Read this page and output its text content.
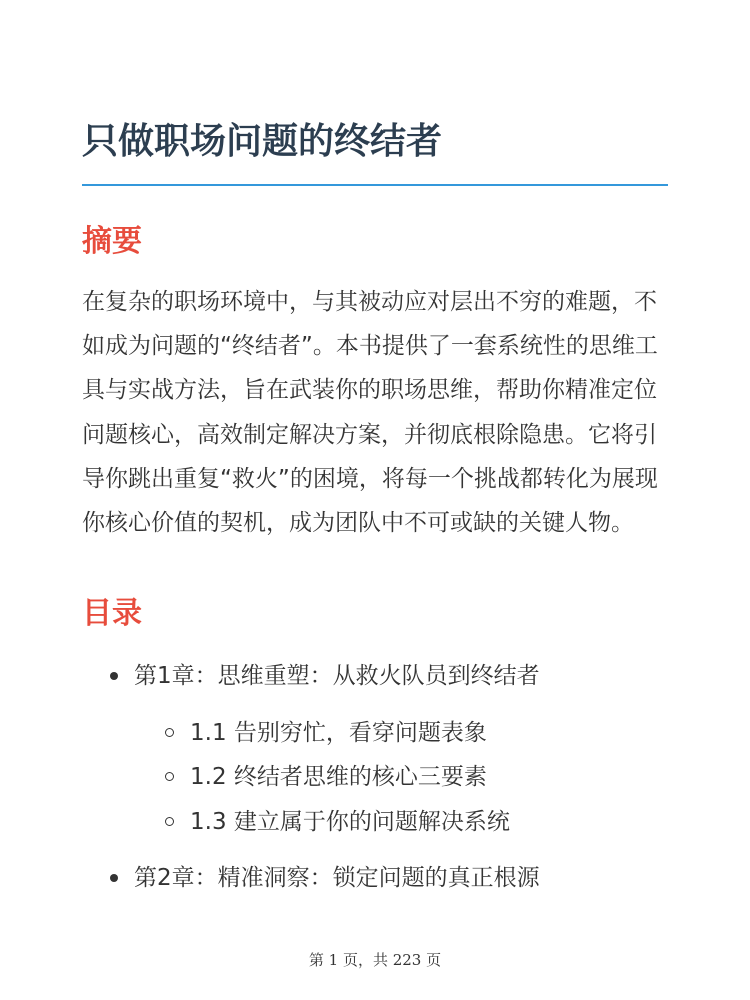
只做职场问题的终结者
摘要

在复杂的职场环境中，与其被动应对层出不穷的难题，不如成为问题的“终结者”。本书提供了一套系统性的思维工具与实战方法，旨在武装你的职场思维，帮助你精准定位问题核心，高效制定解决方案，并彻底根除隐患。它将引导你跳出重复“救火”的困境，将每一个挑战都转化为展现你核心价值的契机，成为团队中不可或缺的关键人物。

目录
第1章：思维重塑：从救火队员到终结者
1.1 告别穷忙，看穿问题表象
1.2 终结者思维的核心三要素
1.3 建立属于你的问题解决系统
第2章：精准洞察：锁定问题的真正根源
第 1 页，共 223 页
